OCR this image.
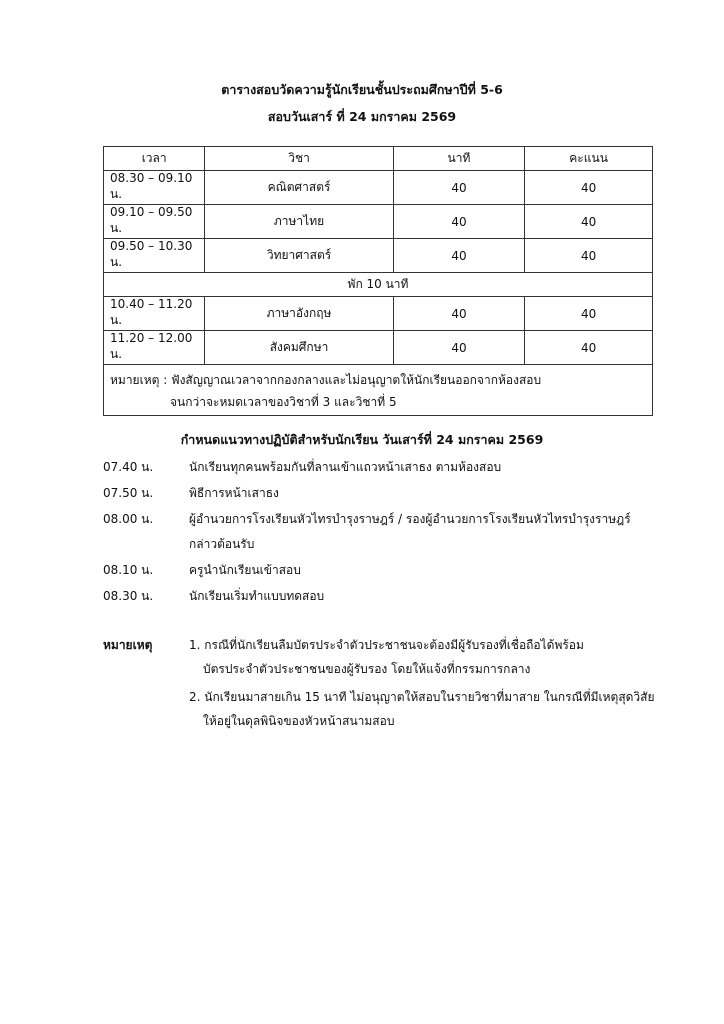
ตารางสอบวัดความรู้นักเรียนชั้นประถมศึกษาปีที่ 5-6
สอบวันเสาร์ ที่ 24 มกราคม 2569
เวลา	วิชา	นาที	คะแนน
08.30 – 09.10 น.	คณิตศาสตร์	40	40
09.10 – 09.50 น.	ภาษาไทย	40	40
09.50 – 10.30 น.	วิทยาศาสตร์	40	40
พัก 10 นาที			
10.40 – 11.20 น.	ภาษาอังกฤษ	40	40
11.20 – 12.00 น.	สังคมศึกษา	40	40

หมายเหตุ : ฟังสัญญาณเวลาจากกองกลางและไม่อนุญาตให้นักเรียนออกจากห้องสอบ
จนกว่าจะหมดเวลาของวิชาที่ 3 และวิชาที่ 5			
กำหนดแนวทางปฏิบัติสำหรับนักเรียน วันเสาร์ที่ 24 มกราคม 2569
07.40 น.	นักเรียนทุกคนพร้อมกันที่ลานเข้าแถวหน้าเสาธง ตามห้องสอบ
07.50 น.	พิธีการหน้าเสาธง
08.00 น.	ผู้อำนวยการโรงเรียนหัวไทรบำรุงราษฎร์ / รองผู้อำนวยการโรงเรียนหัวไทรบำรุงราษฎร์
กล่าวต้อนรับ
08.10 น.	ครูนำนักเรียนเข้าสอบ
08.30 น.	นักเรียนเริ่มทำแบบทดสอบ
หมายเหตุ	1. กรณีที่นักเรียนลืมบัตรประจำตัวประชาชนจะต้องมีผู้รับรองที่เชื่อถือได้พร้อม
บัตรประจำตัวประชาชนของผู้รับรอง โดยให้แจ้งที่กรรมการกลาง
2. นักเรียนมาสายเกิน 15 นาที ไม่อนุญาตให้สอบในรายวิชาที่มาสาย ในกรณีที่มีเหตุสุดวิสัย
ให้อยู่ในดุลพินิจของหัวหน้าสนามสอบ
